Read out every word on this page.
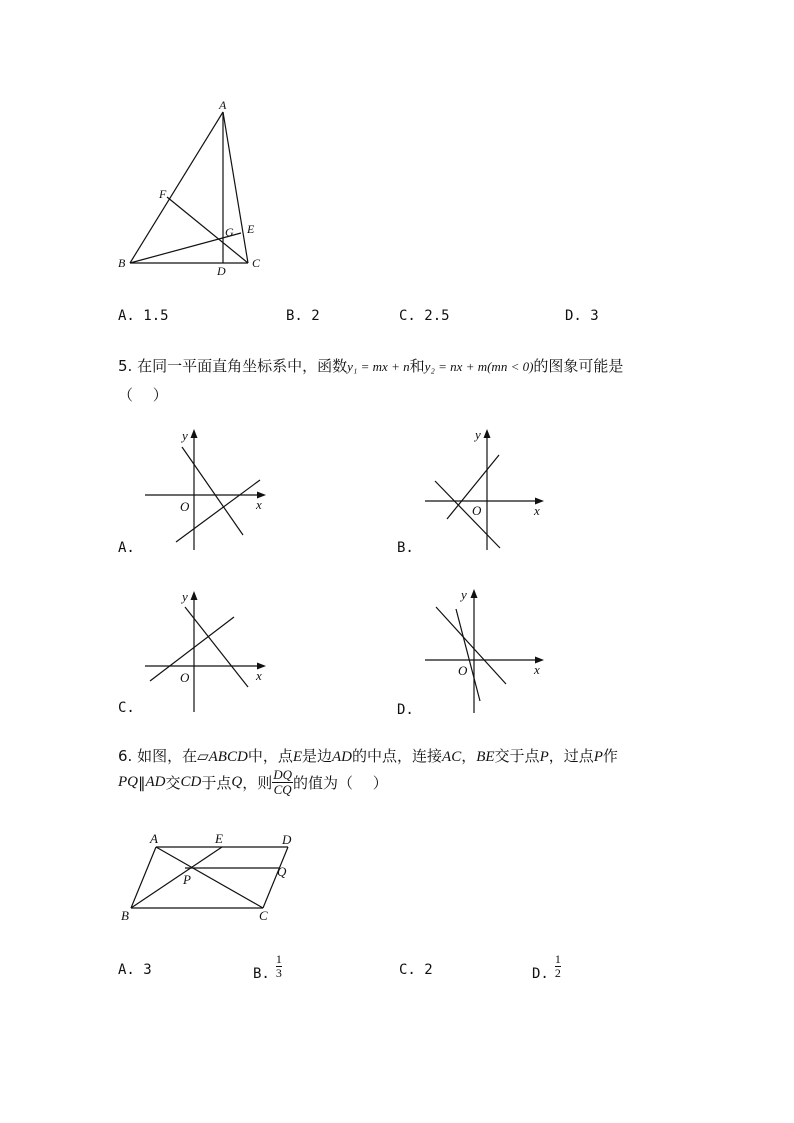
A
F
G E
B
D
C
A. 1.5	B. 2	C. 2.5	D. 3
5. 在同一平面直角坐标系中，函数y₁ = mx + n和y₂ = nx + m(mn < 0)的图象可能是
（　 ）
x
y
O
A.
x
y
O
B.
x
y
O
C.
x
y
O
D.
6. 如图，在▱ABCD中，点E是边AD的中点，连接AC，BE交于点P，过点P作
PQ ∥ AD 交 CD 于点 Q ，则 $\frac{DQ}{CQ}$ 的值为（　 ）
A	E	D
P
Q
B	C
A. 3	B. $\frac{1}{3}$	C. 2	D. $\frac{1}{2}$
